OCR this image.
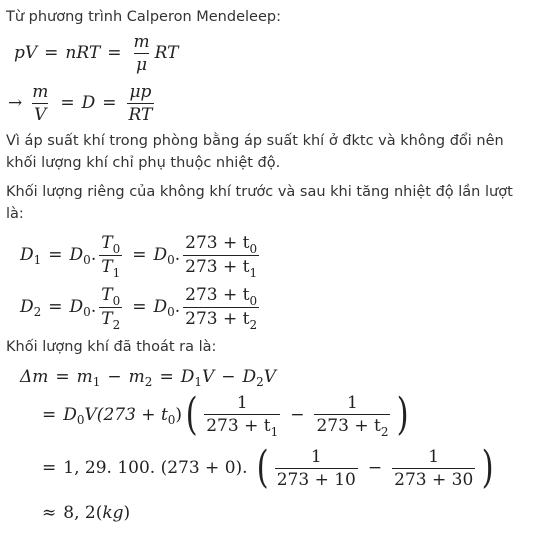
Từ phương trình Calperon Mendeleep:
pV = nRT = $\frac{m}{\mu}$ RT
→ $\frac{m}{V} = D = \frac{\mu p}{RT}$
Vì áp suất khí trong phòng bằng áp suất khí ở đktc và không đổi nên khối lượng khí chỉ phụ thuộc nhiệt độ.
Khối lượng riêng của không khí trước và sau khi tăng nhiệt độ lần lượt là:
D 1 = D 0 . $\frac{T_0}{T_1} = D$ 0 . $\frac{273 + t_0}{273 + t_1}$
D 2 = D 0 . $\frac{T_0}{T_2} = D$ 0 . $\frac{273 + t_0}{273 + t_2}$
Khối lượng khí đã thoát ra là:
Δm = m 1 − m 2 = D 1 V − D 2 V
= D 0 V(273 + t 0 ) ( $\frac{1}{273 + t_1} - \frac{1}{273 + t_2}$ )
= 1, 29. 100. (273 + 0). ( $\frac{1}{273 + 10} - \frac{1}{273 + 30}$ )
≈ 8, 2( kg )
